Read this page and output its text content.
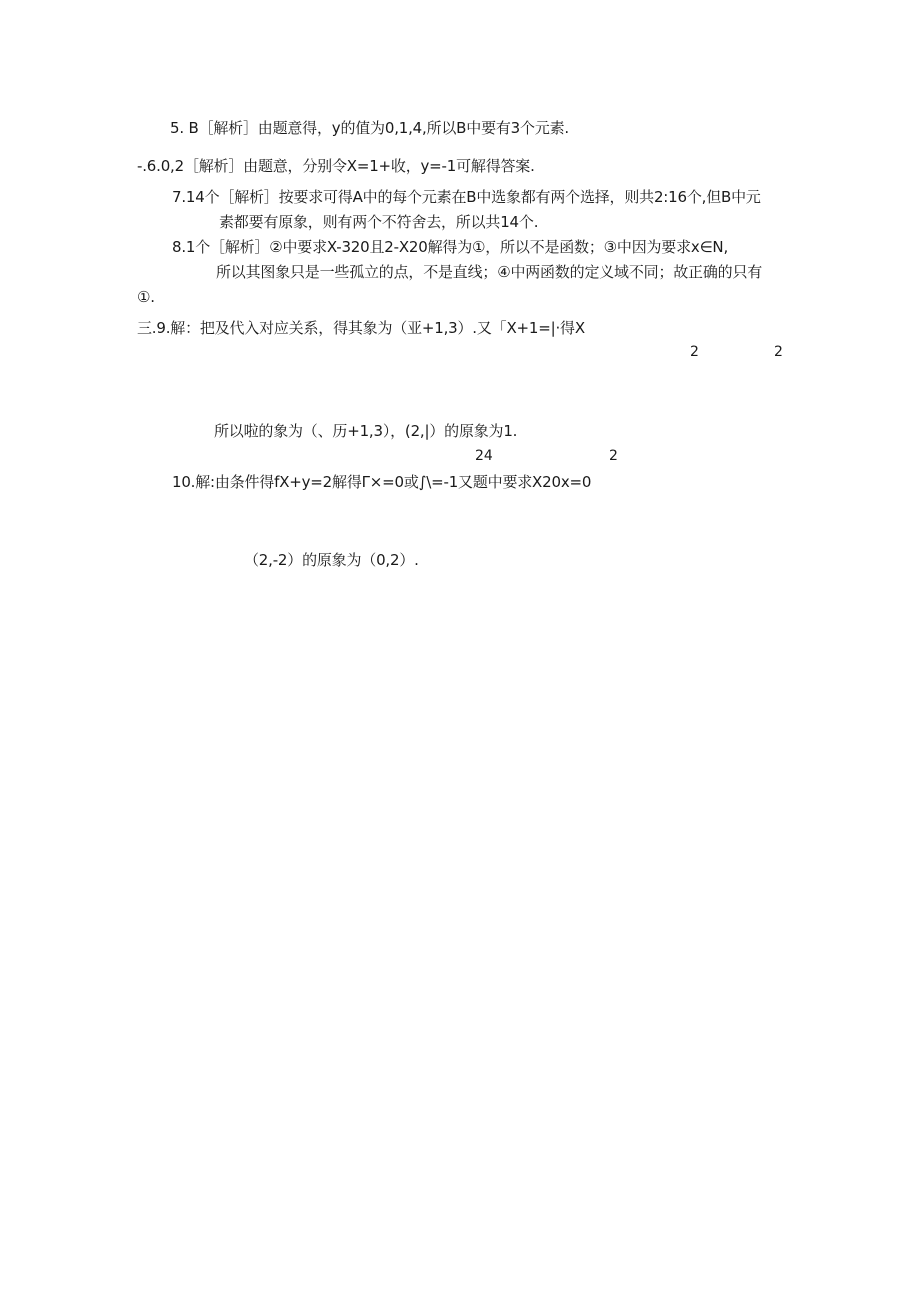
5. B［解析］由题意得，y的值为0,1,4,所以B中要有3个元素.
-.6.0,2［解析］由题意，分别令X=1+收，y=-1可解得答案.
7.14个［解析］按要求可得A中的每个元素在B中选象都有两个选择，则共2:16个,但B中元
素都要有原象，则有两个不符舍去，所以共14个.
8.1个［解析］②中要求X-320且2-X20解得为①，所以不是函数；③中因为要求x∈N,
所以其图象只是一些孤立的点，不是直线；④中两函数的定义域不同；故正确的只有
①.
三.9.解：把及代入对应关系，得其象为（亚+1,3）.又「X+1=|·得X
2	2
所以啦的象为（、历+1,3），(2,|）的原象为1.
24	2
10.解:由条件得fX+y=2解得Γ×=0或∫\=-1又题中要求X20x=0
（2,-2）的原象为（0,2）.
